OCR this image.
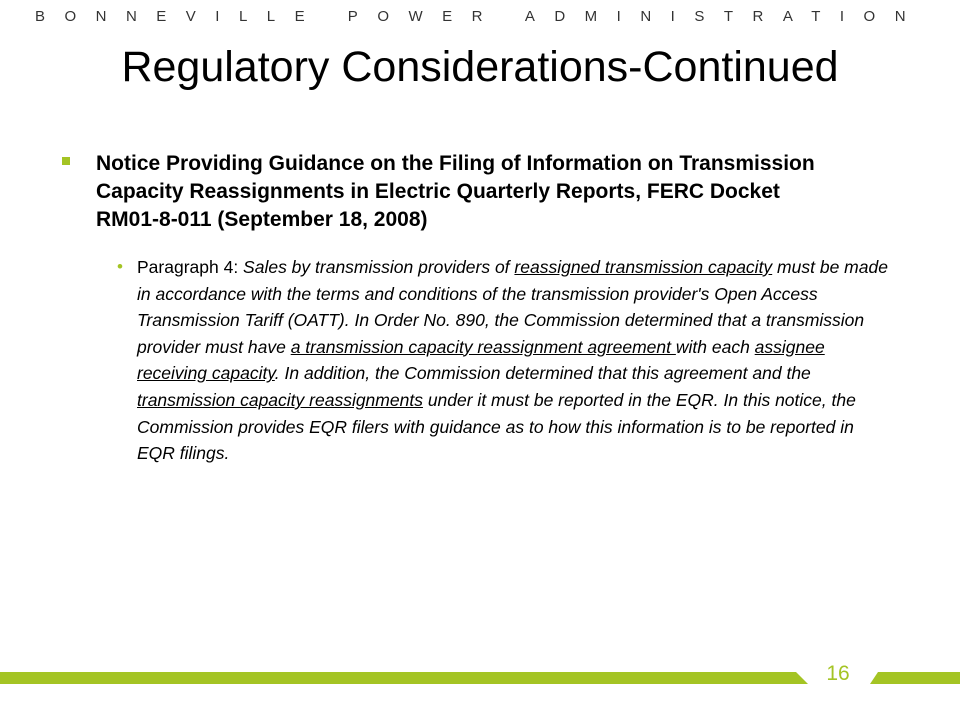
BONNEVILLE POWER ADMINISTRATION
Regulatory Considerations-Continued
Notice Providing Guidance on the Filing of Information on Transmission Capacity Reassignments in Electric Quarterly Reports, FERC Docket RM01-8-011 (September 18, 2008)
• Paragraph 4: Sales by transmission providers of reassigned transmission capacity must be made in accordance with the terms and conditions of the transmission provider's Open Access Transmission Tariff (OATT). In Order No. 890, the Commission determined that a transmission provider must have a transmission capacity reassignment agreement with each assignee receiving capacity. In addition, the Commission determined that this agreement and the transmission capacity reassignments under it must be reported in the EQR. In this notice, the Commission provides EQR filers with guidance as to how this information is to be reported in EQR filings.
16
